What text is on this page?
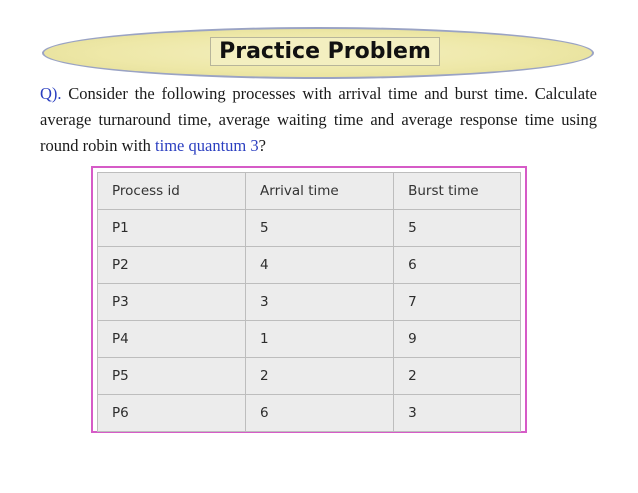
Practice Problem
Q). Consider the following processes with arrival time and burst time. Calculate average turnaround time, average waiting time and average response time using round robin with time quantum 3?
Process id	Arrival time	Burst time
P1	5	5
P2	4	6
P3	3	7
P4	1	9
P5	2	2
P6	6	3
